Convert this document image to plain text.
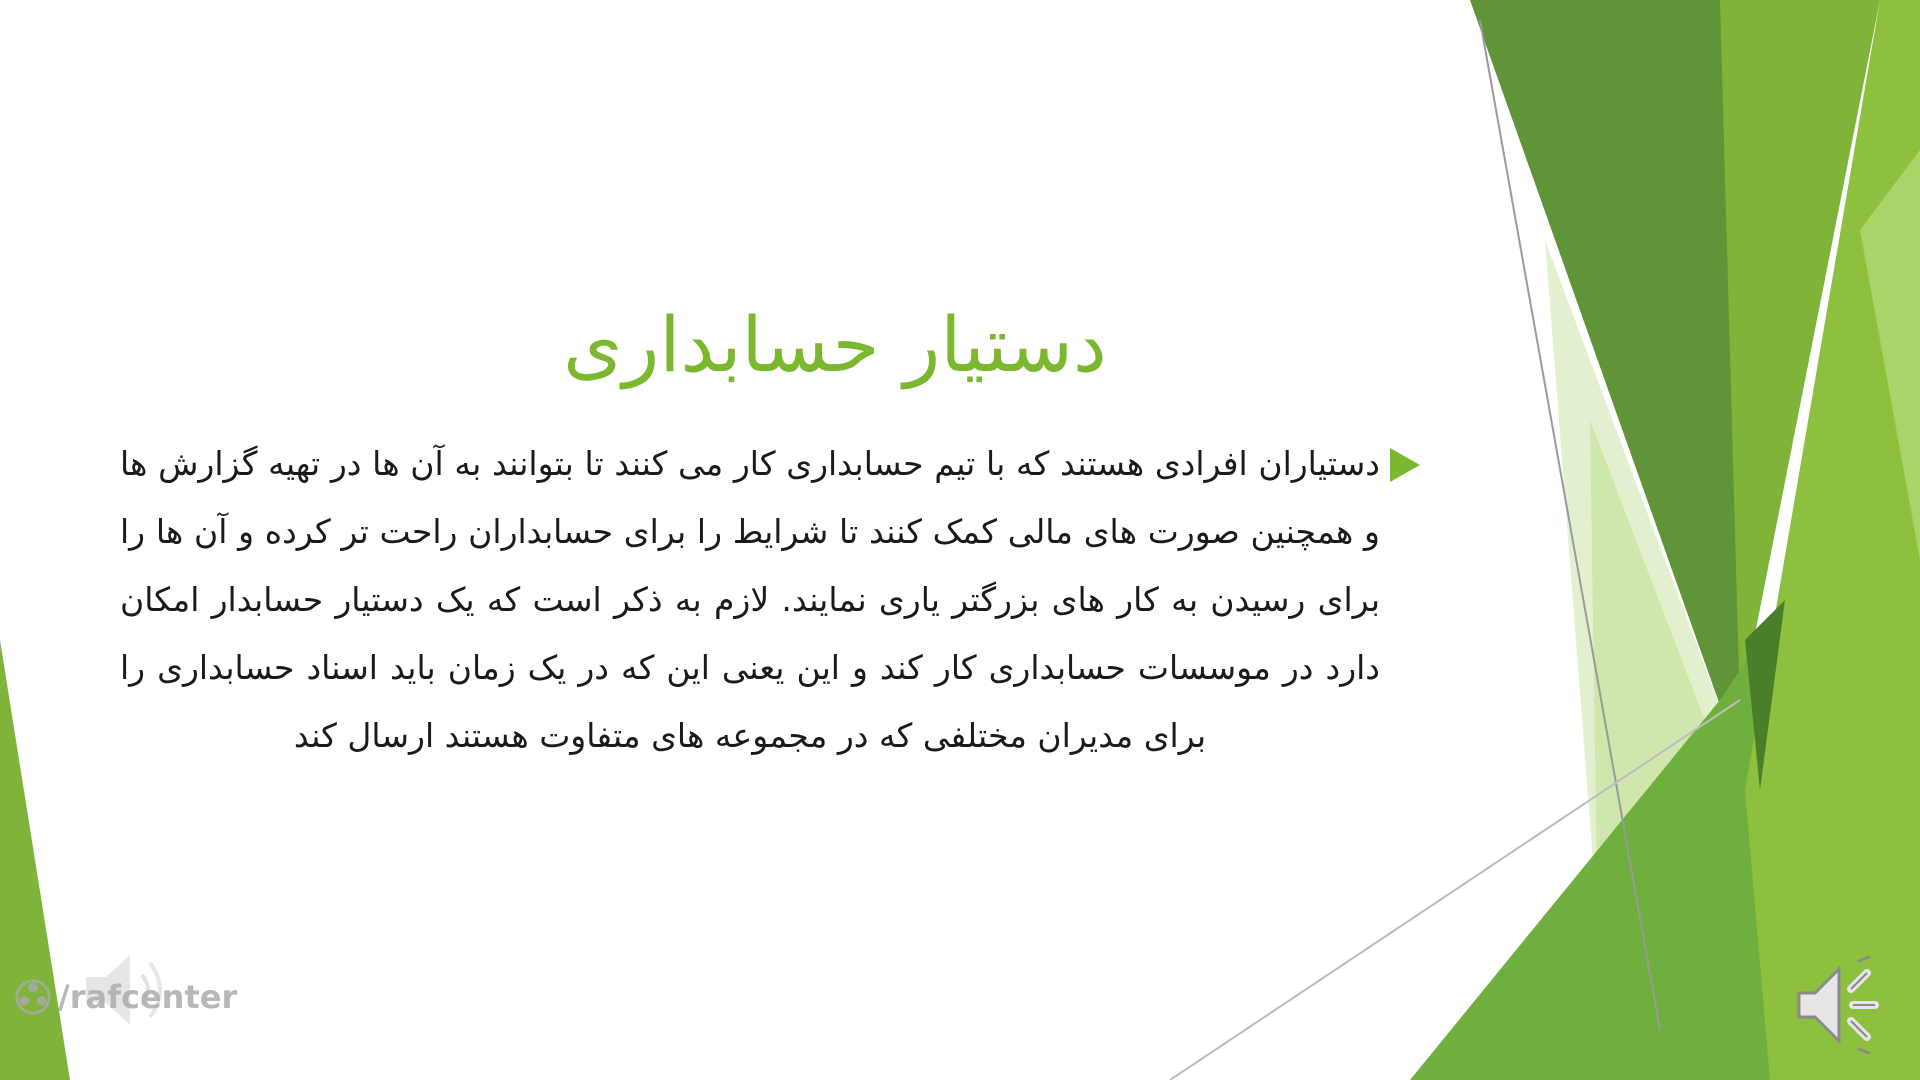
دستیار حسابداری

دستیاران افرادی هستند که با تیم حسابداری کار می کنند تا بتوانند به آن ها در تهیه گزارش ها و همچنین صورت های مالی کمک کنند تا شرایط را برای حسابداران راحت تر کرده و آن ها را برای رسیدن به کار های بزرگتر یاری نمایند. لازم به ذکر است که یک دستیار حسابدار امکان دارد در موسسات حسابداری کار کند و این یعنی این که در یک زمان باید اسناد حسابداری را برای مدیران مختلفی که در مجموعه های متفاوت هستند ارسال کند

/rafcenter
